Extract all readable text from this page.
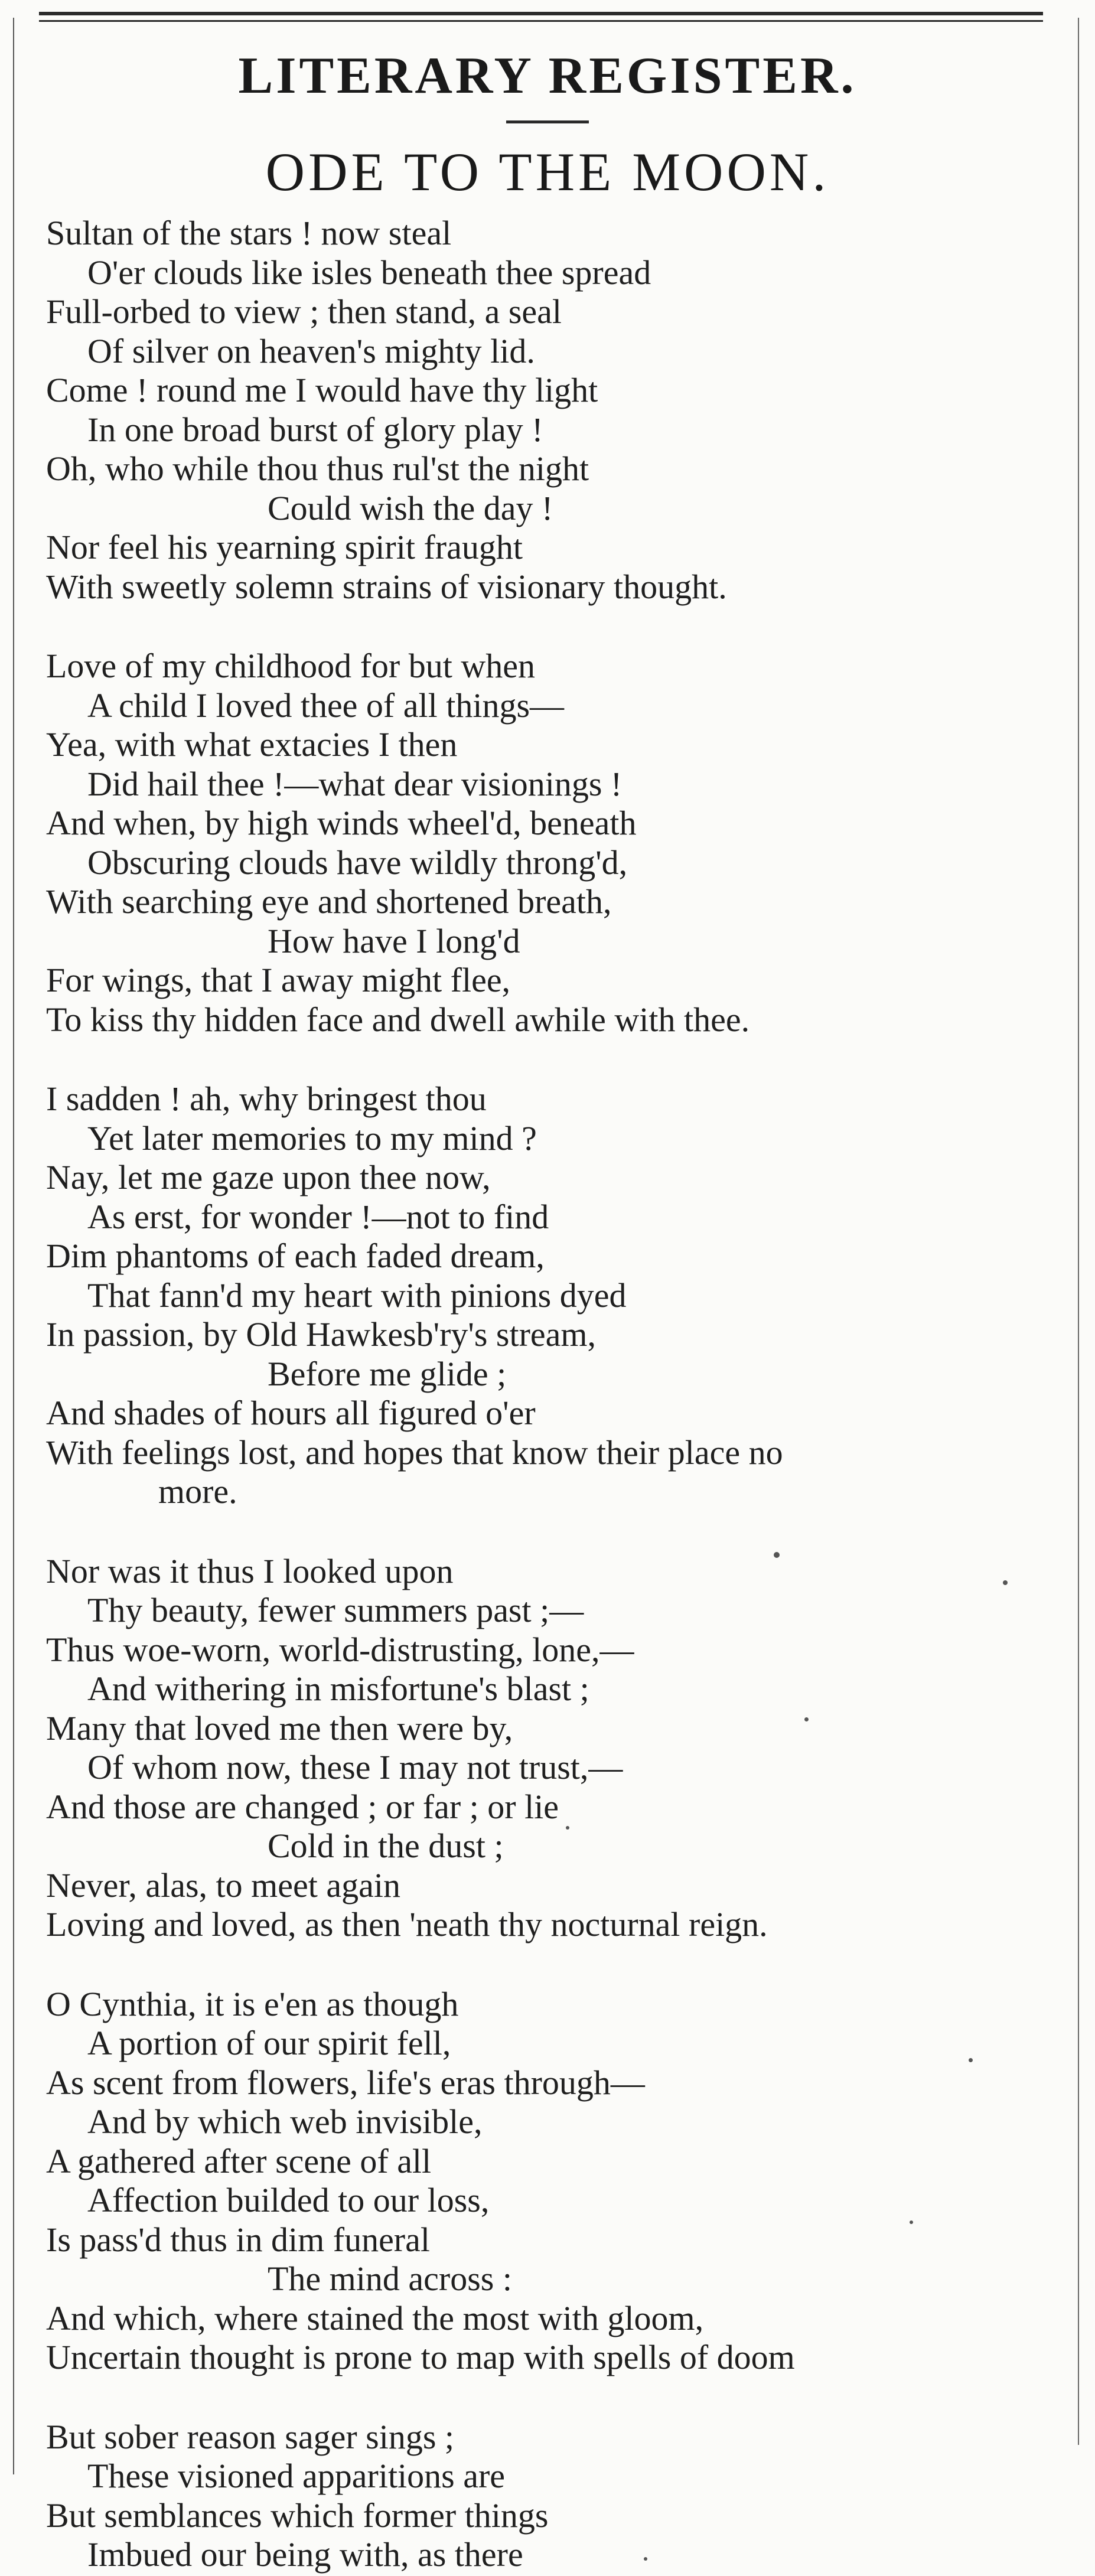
LITERARY REGISTER.
ODE TO THE MOON.
Sultan of the stars ! now steal
O'er clouds like isles beneath thee spread
Full-orbed to view ; then stand, a seal
Of silver on heaven's mighty lid.
Come ! round me I would have thy light
In one broad burst of glory play !
Oh, who while thou thus rul'st the night
Could wish the day !
Nor feel his yearning spirit fraught
With sweetly solemn strains of visionary thought.
Love of my childhood for but when
A child I loved thee of all things—
Yea, with what extacies I then
Did hail thee !—what dear visionings !
And when, by high winds wheel'd, beneath
Obscuring clouds have wildly throng'd,
With searching eye and shortened breath,
How have I long'd
For wings, that I away might flee,
To kiss thy hidden face and dwell awhile with thee.
I sadden ! ah, why bringest thou
Yet later memories to my mind ?
Nay, let me gaze upon thee now,
As erst, for wonder !—not to find
Dim phantoms of each faded dream,
That fann'd my heart with pinions dyed
In passion, by Old Hawkesb'ry's stream,
Before me glide ;
And shades of hours all figured o'er
With feelings lost, and hopes that know their place no
more.
Nor was it thus I looked upon
Thy beauty, fewer summers past ;—
Thus woe-worn, world-distrusting, lone,—
And withering in misfortune's blast ;
Many that loved me then were by,
Of whom now, these I may not trust,—
And those are changed ; or far ; or lie
Cold in the dust ;
Never, alas, to meet again
Loving and loved, as then 'neath thy nocturnal reign.
O Cynthia, it is e'en as though
A portion of our spirit fell,
As scent from flowers, life's eras through—
And by which web invisible,
A gathered after scene of all
Affection builded to our loss,
Is pass'd thus in dim funeral
The mind across :
And which, where stained the most with gloom,
Uncertain thought is prone to map with spells of doom
But sober reason sager sings ;
These visioned apparitions are
But semblances which former things
Imbued our being with, as there
